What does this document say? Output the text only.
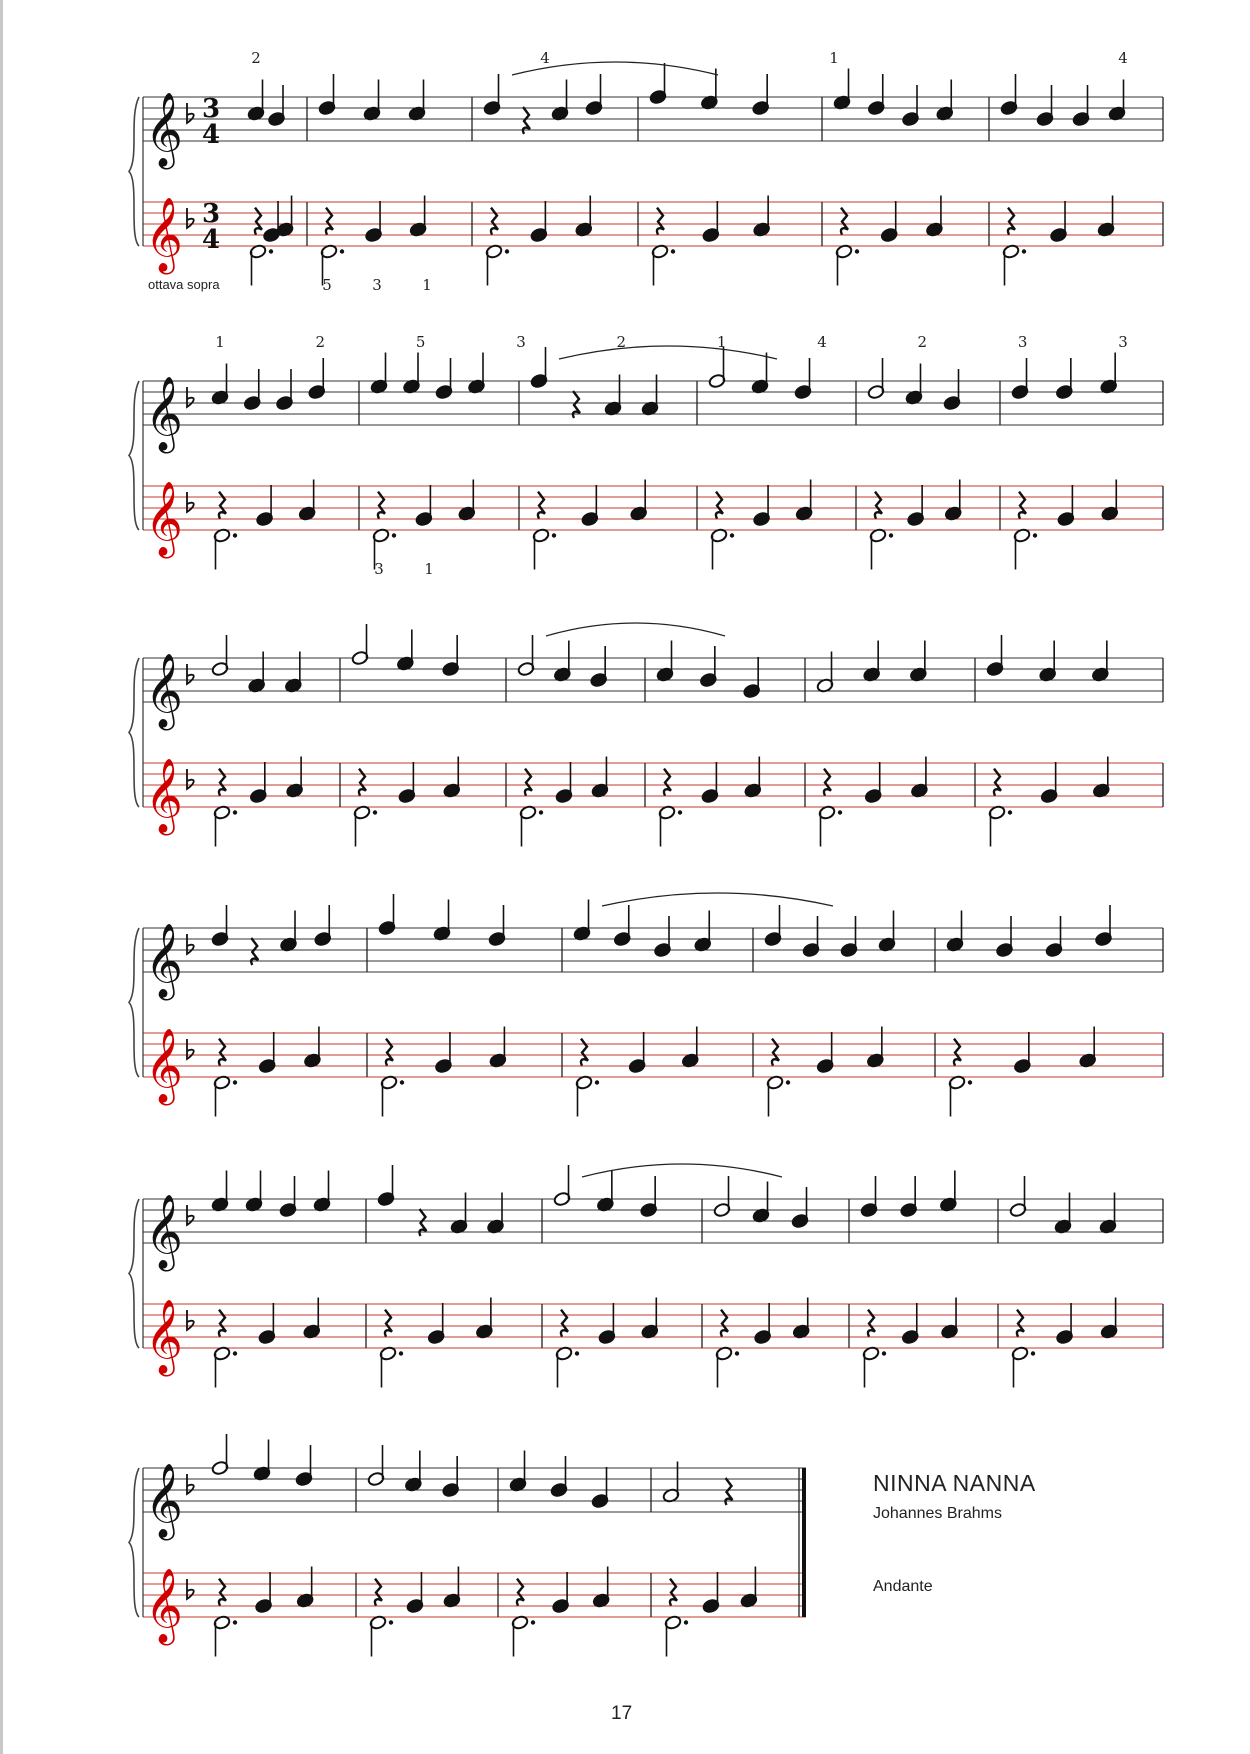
𝄞
𝄞
3
4
3
4
2	4	1	4
5	3	1
𝄞
𝄞
1	2	5	3	2	1	4	2	3	3
3	1
𝄞
𝄞
𝄞
𝄞
𝄞
𝄞
𝄞
𝄞
ottava sopra
NINNA NANNA
Johannes Brahms
Andante
17
